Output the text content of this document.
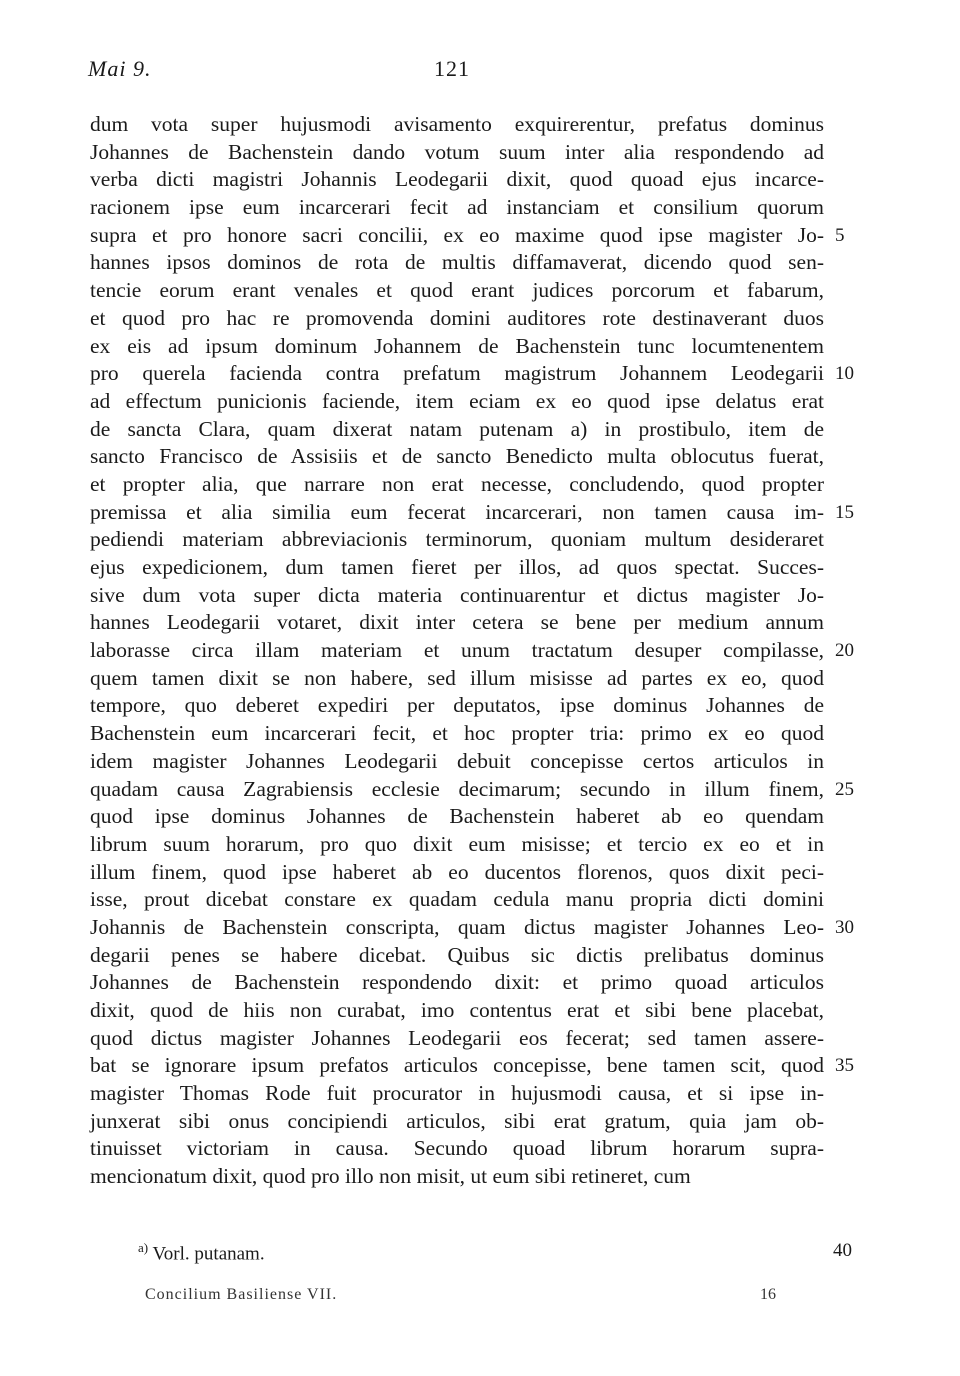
Mai 9.	121
dum vota super hujusmodi avisamento exquirerentur, prefatus dominus
Johannes de Bachenstein dando votum suum inter alia respondendo ad
verba dicti magistri Johannis Leodegarii dixit, quod quoad ejus incarce-
racionem ipse eum incarcerari fecit ad instanciam et consilium quorum
supra et pro honore sacri concilii, ex eo maxime quod ipse magister Jo- 5
hannes ipsos dominos de rota de multis diffamaverat, dicendo quod sen-
tencie eorum erant venales et quod erant judices porcorum et fabarum,
et quod pro hac re promovenda domini auditores rote destinaverant duos
ex eis ad ipsum dominum Johannem de Bachenstein tunc locumtenentem
pro querela facienda contra prefatum magistrum Johannem Leodegarii 10
ad effectum punicionis faciende, item eciam ex eo quod ipse delatus erat
de sancta Clara, quam dixerat natam putenam a) in prostibulo, item de
sancto Francisco de Assisiis et de sancto Benedicto multa oblocutus fuerat,
et propter alia, que narrare non erat necesse, concludendo, quod propter
premissa et alia similia eum fecerat incarcerari, non tamen causa im- 15
pediendi materiam abbreviacionis terminorum, quoniam multum desideraret
ejus expedicionem, dum tamen fieret per illos, ad quos spectat. Succes-
sive dum vota super dicta materia continuarentur et dictus magister Jo-
hannes Leodegarii votaret, dixit inter cetera se bene per medium annum
laborasse circa illam materiam et unum tractatum desuper compilasse, 20
quem tamen dixit se non habere, sed illum misisse ad partes ex eo, quod
tempore, quo deberet expediri per deputatos, ipse dominus Johannes de
Bachenstein eum incarcerari fecit, et hoc propter tria: primo ex eo quod
idem magister Johannes Leodegarii debuit concepisse certos articulos in
quadam causa Zagrabiensis ecclesie decimarum; secundo in illum finem, 25
quod ipse dominus Johannes de Bachenstein haberet ab eo quendam
librum suum horarum, pro quo dixit eum misisse; et tercio ex eo et in
illum finem, quod ipse haberet ab eo ducentos florenos, quos dixit peci-
isse, prout dicebat constare ex quadam cedula manu propria dicti domini
Johannis de Bachenstein conscripta, quam dictus magister Johannes Leo- 30
degarii penes se habere dicebat. Quibus sic dictis prelibatus dominus
Johannes de Bachenstein respondendo dixit: et primo quoad articulos
dixit, quod de hiis non curabat, imo contentus erat et sibi bene placebat,
quod dictus magister Johannes Leodegarii eos fecerat; sed tamen assere-
bat se ignorare ipsum prefatos articulos concepisse, bene tamen scit, quod 35
magister Thomas Rode fuit procurator in hujusmodi causa, et si ipse in-
junxerat sibi onus concipiendi articulos, sibi erat gratum, quia jam ob-
tinuisset victoriam in causa. Secundo quoad librum horarum supra-
mencionatum dixit, quod pro illo non misit, ut eum sibi retineret, cum
$^{a)}$ Vorl. putanam.	40
Concilium Basiliense VII.	16
